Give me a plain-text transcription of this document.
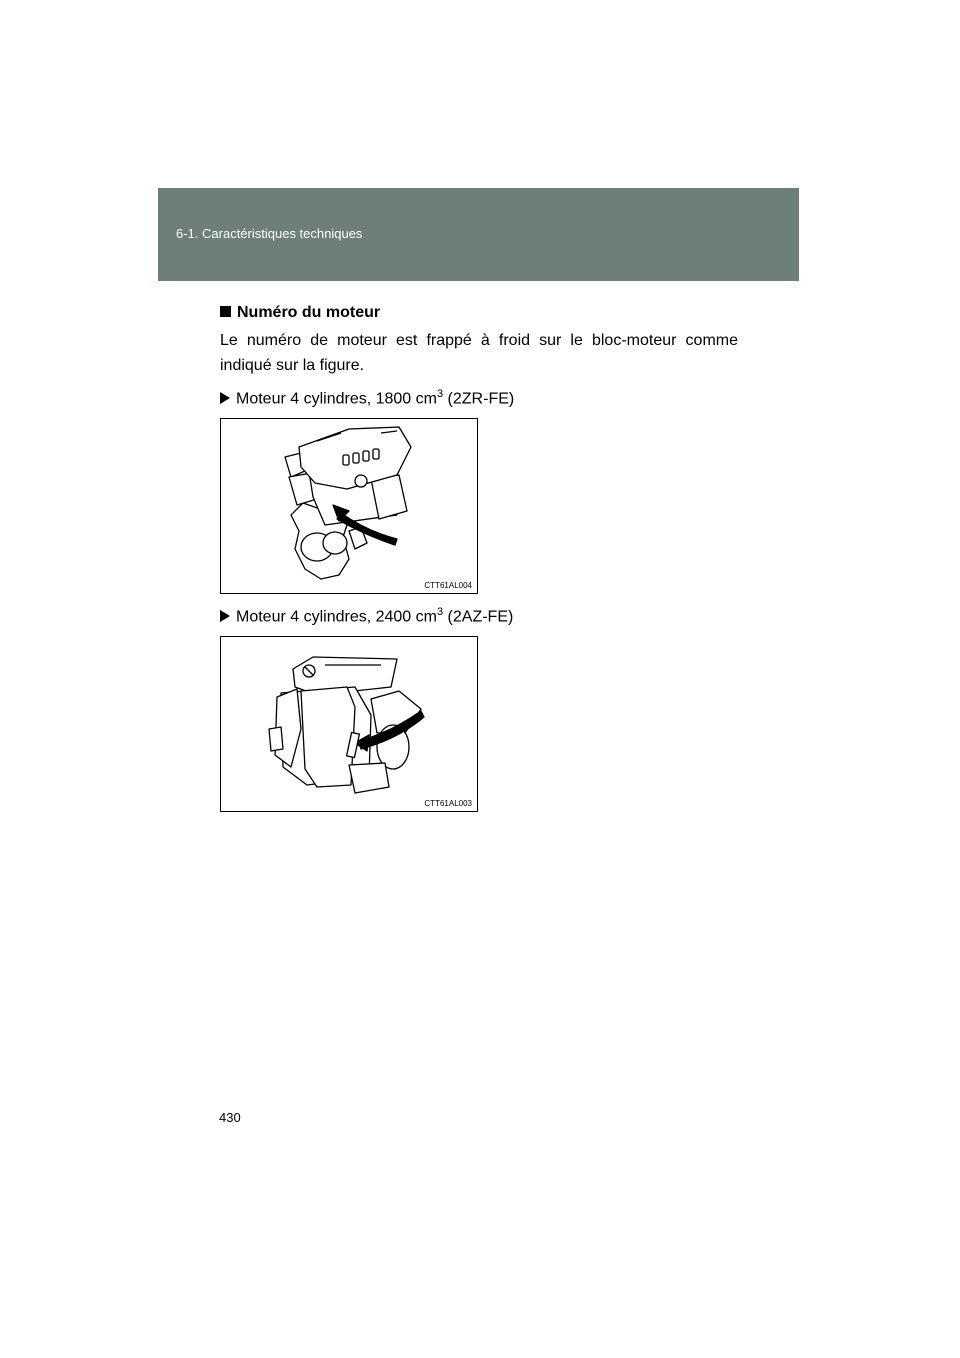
6-1. Caractéristiques techniques
Numéro du moteur
Le numéro de moteur est frappé à froid sur le bloc-moteur comme indiqué sur la figure.
Moteur 4 cylindres, 1800 $cm^3$ (2ZR-FE)
CTT61AL004
Moteur 4 cylindres, 2400 $cm^3$ (2AZ-FE)
CTT61AL003
430
